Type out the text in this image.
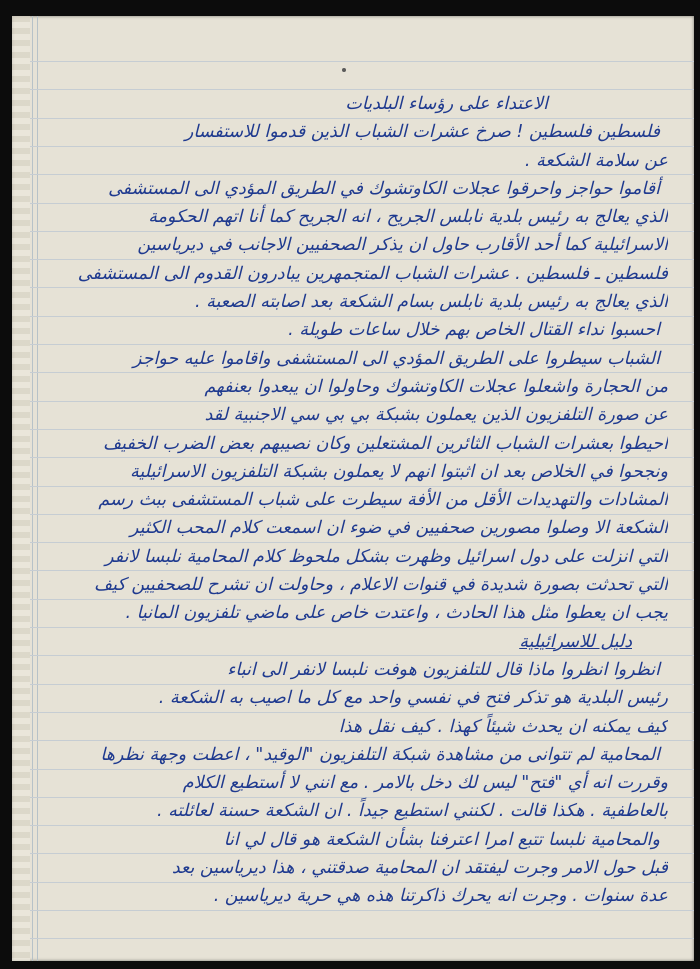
الاعتداء على رؤساء البلديات
فلسطين فلسطين ! صرخ عشرات الشباب الذين قدموا للاستفسار
عن سلامة الشكعة .
أقاموا حواجز واحرقوا عجلات الكاوتشوك في الطريق المؤدي الى المستشفى
الذي يعالج به رئيس بلدية نابلس الجريح ، انه الجريح كما أنا اتهم الحكومة
الاسرائيلية كما أحد الأقارب حاول ان يذكر الصحفيين الاجانب في ديرياسين
فلسطين ـ فلسطين . عشرات الشباب المتجمهرين يبادرون القدوم الى المستشفى
الذي يعالج به رئيس بلدية نابلس بسام الشكعة بعد اصابته الصعبة .
احسبوا نداء القتال الخاص بهم خلال ساعات طويلة .
الشباب سيطروا على الطريق المؤدي الى المستشفى واقاموا عليه حواجز
من الحجارة واشعلوا عجلات الكاوتشوك وحاولوا ان يبعدوا بعنفهم
عن صورة التلفزيون الذين يعملون بشبكة بي بي سي الاجنبية لقد
احيطوا بعشرات الشباب الثائرين المشتعلين وكان نصيبهم بعض الضرب الخفيف
ونجحوا في الخلاص بعد ان اثبتوا انهم لا يعملون بشبكة التلفزيون الاسرائيلية
المشادات والتهديدات الأقل من الأفة سيطرت على شباب المستشفى ببث رسم
الشكعة الا وصلوا مصورين صحفيين في ضوء ان اسمعت كلام المحب الكثير
التي انزلت على دول اسرائيل وظهرت بشكل ملحوظ كلام المحامية نلبسا لانفر
التي تحدثت بصورة شديدة في قنوات الاعلام ، وحاولت ان تشرح للصحفيين كيف
يجب ان يعطوا مثل هذا الحادث ، واعتدت خاص على ماضي تلفزيون المانيا .
دليل للاسرائيلية
انظروا انظروا ماذا قال للتلفزيون هوفت نلبسا لانفر الى انباء
رئيس البلدية هو تذكر فتح في نفسي واحد مع كل ما اصيب به الشكعة .
كيف يمكنه ان يحدث شيئاً كهذا . كيف نقل هذا
المحامية لم تتوانى من مشاهدة شبكة التلفزيون "الوقيد" ، اعطت وجهة نظرها
وقررت انه أي "فتح" ليس لك دخل بالامر . مع انني لا أستطيع الكلام
بالعاطفية . هكذا قالت . لكنني استطيع جيداً . ان الشكعة حسنة لعائلته .
والمحامية نلبسا تتبع امرا اعترفنا بشأن الشكعة هو قال لي انا
قبل حول الامر وجرت ليفتقد ان المحامية صدقتني ، هذا ديرياسين بعد
عدة سنوات . وجرت انه يحرك ذاكرتنا هذه هي حرية ديرياسين .
